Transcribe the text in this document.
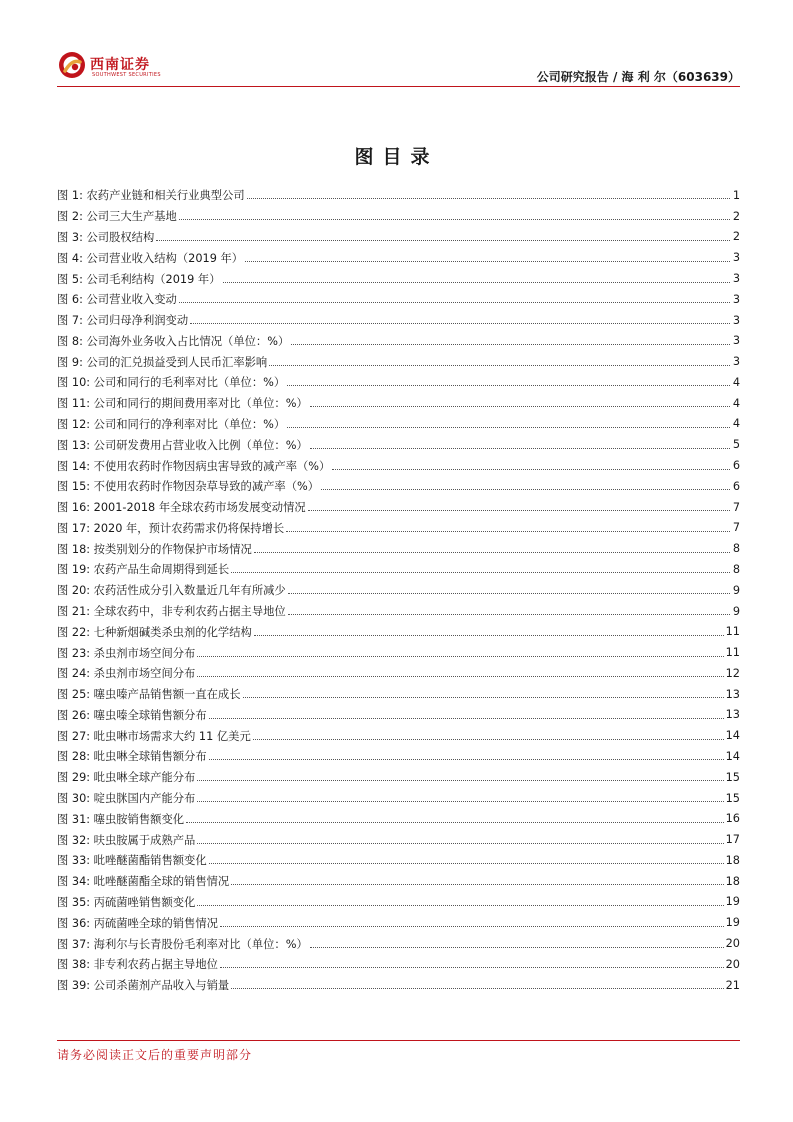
西南证券
SOUTHWEST SECURITIES	公司研究报告 / 海 利 尔（603639）
图目录
图 1: 农药产业链和相关行业典型公司	1
图 2: 公司三大生产基地	2
图 3: 公司股权结构	2
图 4: 公司营业收入结构（2019 年）	3
图 5: 公司毛利结构（2019 年）	3
图 6: 公司营业收入变动	3
图 7: 公司归母净利润变动	3
图 8: 公司海外业务收入占比情况（单位：%）	3
图 9: 公司的汇兑损益受到人民币汇率影响	3
图 10: 公司和同行的毛利率对比（单位：%）	4
图 11: 公司和同行的期间费用率对比（单位：%）	4
图 12: 公司和同行的净利率对比（单位：%）	4
图 13: 公司研发费用占营业收入比例（单位：%）	5
图 14: 不使用农药时作物因病虫害导致的减产率（%）	6
图 15: 不使用农药时作物因杂草导致的减产率（%）	6
图 16: 2001-2018 年全球农药市场发展变动情况	7
图 17: 2020 年，预计农药需求仍将保持增长	7
图 18: 按类别划分的作物保护市场情况	8
图 19: 农药产品生命周期得到延长	8
图 20: 农药活性成分引入数量近几年有所减少	9
图 21: 全球农药中，非专利农药占据主导地位	9
图 22: 七种新烟碱类杀虫剂的化学结构	11
图 23: 杀虫剂市场空间分布	11
图 24: 杀虫剂市场空间分布	12
图 25: 噻虫嗪产品销售额一直在成长	13
图 26: 噻虫嗪全球销售额分布	13
图 27: 吡虫啉市场需求大约 11 亿美元	14
图 28: 吡虫啉全球销售额分布	14
图 29: 吡虫啉全球产能分布	15
图 30: 啶虫脒国内产能分布	15
图 31: 噻虫胺销售额变化	16
图 32: 呋虫胺属于成熟产品	17
图 33: 吡唑醚菌酯销售额变化	18
图 34: 吡唑醚菌酯全球的销售情况	18
图 35: 丙硫菌唑销售额变化	19
图 36: 丙硫菌唑全球的销售情况	19
图 37: 海利尔与长青股份毛利率对比（单位：%）	20
图 38: 非专利农药占据主导地位	20
图 39: 公司杀菌剂产品收入与销量	21
请务必阅读正文后的重要声明部分
